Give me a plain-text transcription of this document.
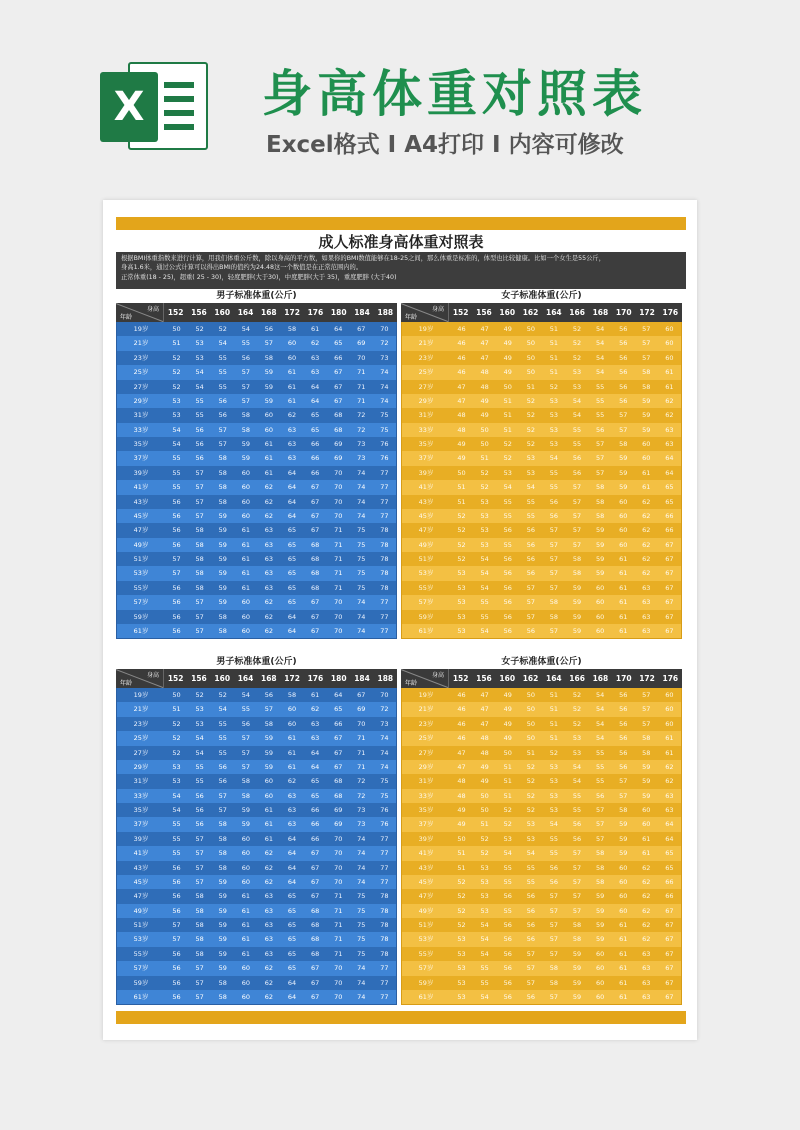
X 身高体重对照表
Excel格式 I A4打印 I 内容可修改
成人标准身高体重对照表
根据BMI体重指数来进行计算，用我们体重公斤数，除以身高的平方数，如果你的BMI数值能够在18-25之间，那么体重是标准的，体型也比较健康。比如一个女生是55公斤，
身高1.6米，通过公式计算可以得出BMI的值约为24.48这一个数值是在正常范围内的。
正常体重(18 - 25)，超重( 25 - 30)，轻度肥胖(大于30)，中度肥胖(大于 35)，重度肥胖 (大于40)
男子标准体重(公斤)
身高
年龄
152	156	160	164	168	172	176	180	184	188
19岁	50	52	52	54	56	58	61	64	67	70
21岁	51	53	54	55	57	60	62	65	69	72
23岁	52	53	55	56	58	60	63	66	70	73
25岁	52	54	55	57	59	61	63	67	71	74
27岁	52	54	55	57	59	61	64	67	71	74
29岁	53	55	56	57	59	61	64	67	71	74
31岁	53	55	56	58	60	62	65	68	72	75
33岁	54	56	57	58	60	63	65	68	72	75
35岁	54	56	57	59	61	63	66	69	73	76
37岁	55	56	58	59	61	63	66	69	73	76
39岁	55	57	58	60	61	64	66	70	74	77
41岁	55	57	58	60	62	64	67	70	74	77
43岁	56	57	58	60	62	64	67	70	74	77
45岁	56	57	59	60	62	64	67	70	74	77
47岁	56	58	59	61	63	65	67	71	75	78
49岁	56	58	59	61	63	65	68	71	75	78
51岁	57	58	59	61	63	65	68	71	75	78
53岁	57	58	59	61	63	65	68	71	75	78
55岁	56	58	59	61	63	65	68	71	75	78
57岁	56	57	59	60	62	65	67	70	74	77
59岁	56	57	58	60	62	64	67	70	74	77
61岁	56	57	58	60	62	64	67	70	74	77
女子标准体重(公斤)
身高
年龄
152	156	160	162	164	166	168	170	172	176
19岁	46	47	49	50	51	52	54	56	57	60
21岁	46	47	49	50	51	52	54	56	57	60
23岁	46	47	49	50	51	52	54	56	57	60
25岁	46	48	49	50	51	53	54	56	58	61
27岁	47	48	50	51	52	53	55	56	58	61
29岁	47	49	51	52	53	54	55	56	59	62
31岁	48	49	51	52	53	54	55	57	59	62
33岁	48	50	51	52	53	55	56	57	59	63
35岁	49	50	52	52	53	55	57	58	60	63
37岁	49	51	52	53	54	56	57	59	60	64
39岁	50	52	53	53	55	56	57	59	61	64
41岁	51	52	54	54	55	57	58	59	61	65
43岁	51	53	55	55	56	57	58	60	62	65
45岁	52	53	55	55	56	57	58	60	62	66
47岁	52	53	56	56	57	57	59	60	62	66
49岁	52	53	55	56	57	57	59	60	62	67
51岁	52	54	56	56	57	58	59	61	62	67
53岁	53	54	56	56	57	58	59	61	62	67
55岁	53	54	56	57	57	59	60	61	63	67
57岁	53	55	56	57	58	59	60	61	63	67
59岁	53	55	56	57	58	59	60	61	63	67
61岁	53	54	56	56	57	59	60	61	63	67
男子标准体重(公斤)
身高
年龄
152	156	160	164	168	172	176	180	184	188
19岁	50	52	52	54	56	58	61	64	67	70
21岁	51	53	54	55	57	60	62	65	69	72
23岁	52	53	55	56	58	60	63	66	70	73
25岁	52	54	55	57	59	61	63	67	71	74
27岁	52	54	55	57	59	61	64	67	71	74
29岁	53	55	56	57	59	61	64	67	71	74
31岁	53	55	56	58	60	62	65	68	72	75
33岁	54	56	57	58	60	63	65	68	72	75
35岁	54	56	57	59	61	63	66	69	73	76
37岁	55	56	58	59	61	63	66	69	73	76
39岁	55	57	58	60	61	64	66	70	74	77
41岁	55	57	58	60	62	64	67	70	74	77
43岁	56	57	58	60	62	64	67	70	74	77
45岁	56	57	59	60	62	64	67	70	74	77
47岁	56	58	59	61	63	65	67	71	75	78
49岁	56	58	59	61	63	65	68	71	75	78
51岁	57	58	59	61	63	65	68	71	75	78
53岁	57	58	59	61	63	65	68	71	75	78
55岁	56	58	59	61	63	65	68	71	75	78
57岁	56	57	59	60	62	65	67	70	74	77
59岁	56	57	58	60	62	64	67	70	74	77
61岁	56	57	58	60	62	64	67	70	74	77
女子标准体重(公斤)
身高
年龄
152	156	160	162	164	166	168	170	172	176
19岁	46	47	49	50	51	52	54	56	57	60
21岁	46	47	49	50	51	52	54	56	57	60
23岁	46	47	49	50	51	52	54	56	57	60
25岁	46	48	49	50	51	53	54	56	58	61
27岁	47	48	50	51	52	53	55	56	58	61
29岁	47	49	51	52	53	54	55	56	59	62
31岁	48	49	51	52	53	54	55	57	59	62
33岁	48	50	51	52	53	55	56	57	59	63
35岁	49	50	52	52	53	55	57	58	60	63
37岁	49	51	52	53	54	56	57	59	60	64
39岁	50	52	53	53	55	56	57	59	61	64
41岁	51	52	54	54	55	57	58	59	61	65
43岁	51	53	55	55	56	57	58	60	62	65
45岁	52	53	55	55	56	57	58	60	62	66
47岁	52	53	56	56	57	57	59	60	62	66
49岁	52	53	55	56	57	57	59	60	62	67
51岁	52	54	56	56	57	58	59	61	62	67
53岁	53	54	56	56	57	58	59	61	62	67
55岁	53	54	56	57	57	59	60	61	63	67
57岁	53	55	56	57	58	59	60	61	63	67
59岁	53	55	56	57	58	59	60	61	63	67
61岁	53	54	56	56	57	59	60	61	63	67
